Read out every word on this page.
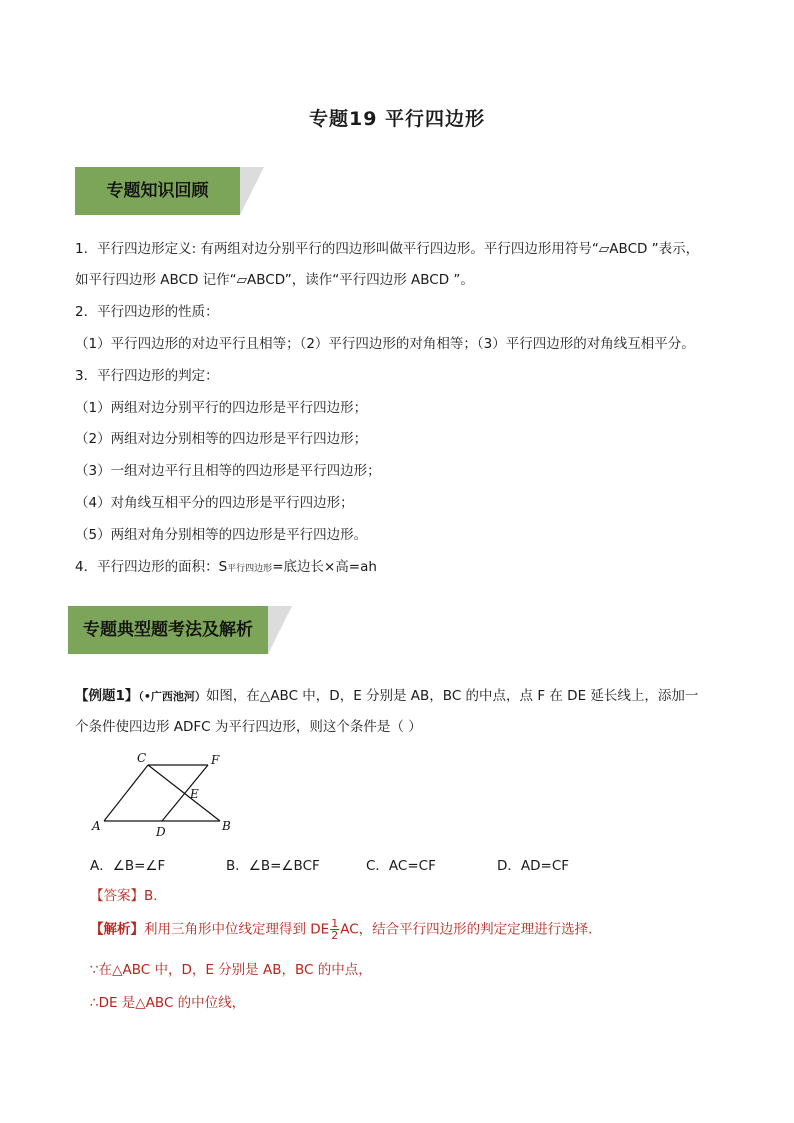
专题19 平行四边形
专题知识回顾
1．平行四边形定义: 有两组对边分别平行的四边形叫做平行四边形。平行四边形用符号“▱ABCD ”表示，
如平行四边形 ABCD 记作“▱ABCD”，读作“平行四边形 ABCD ”。
2．平行四边形的性质：
（1）平行四边形的对边平行且相等；（2）平行四边形的对角相等；（3）平行四边形的对角线互相平分。
3．平行四边形的判定：
（1）两组对边分别平行的四边形是平行四边形；
（2）两组对边分别相等的四边形是平行四边形；
（3）一组对边平行且相等的四边形是平行四边形；
（4）对角线互相平分的四边形是平行四边形；
（5）两组对角分别相等的四边形是平行四边形。
4．平行四边形的面积：S平行四边形=底边长×高=ah
专题典型题考法及解析
【例题1】（•广西池河）如图，在△ABC 中，D，E 分别是 AB，BC 的中点，点 F 在 DE 延长线上，添加一
个条件使四边形 ADFC 为平行四边形，则这个条件是（ ）
A	B
C
D
E
F
A．∠B=∠F	B．∠B=∠BCF	C．AC=CF	D．AD=CF
【答案】B．
【解析】利用三角形中位线定理得到 DE $\frac{1}{2}$ AC，结合平行四边形的判定定理进行选择．
∵在△ABC 中，D，E 分别是 AB，BC 的中点，
∴DE 是△ABC 的中位线，
